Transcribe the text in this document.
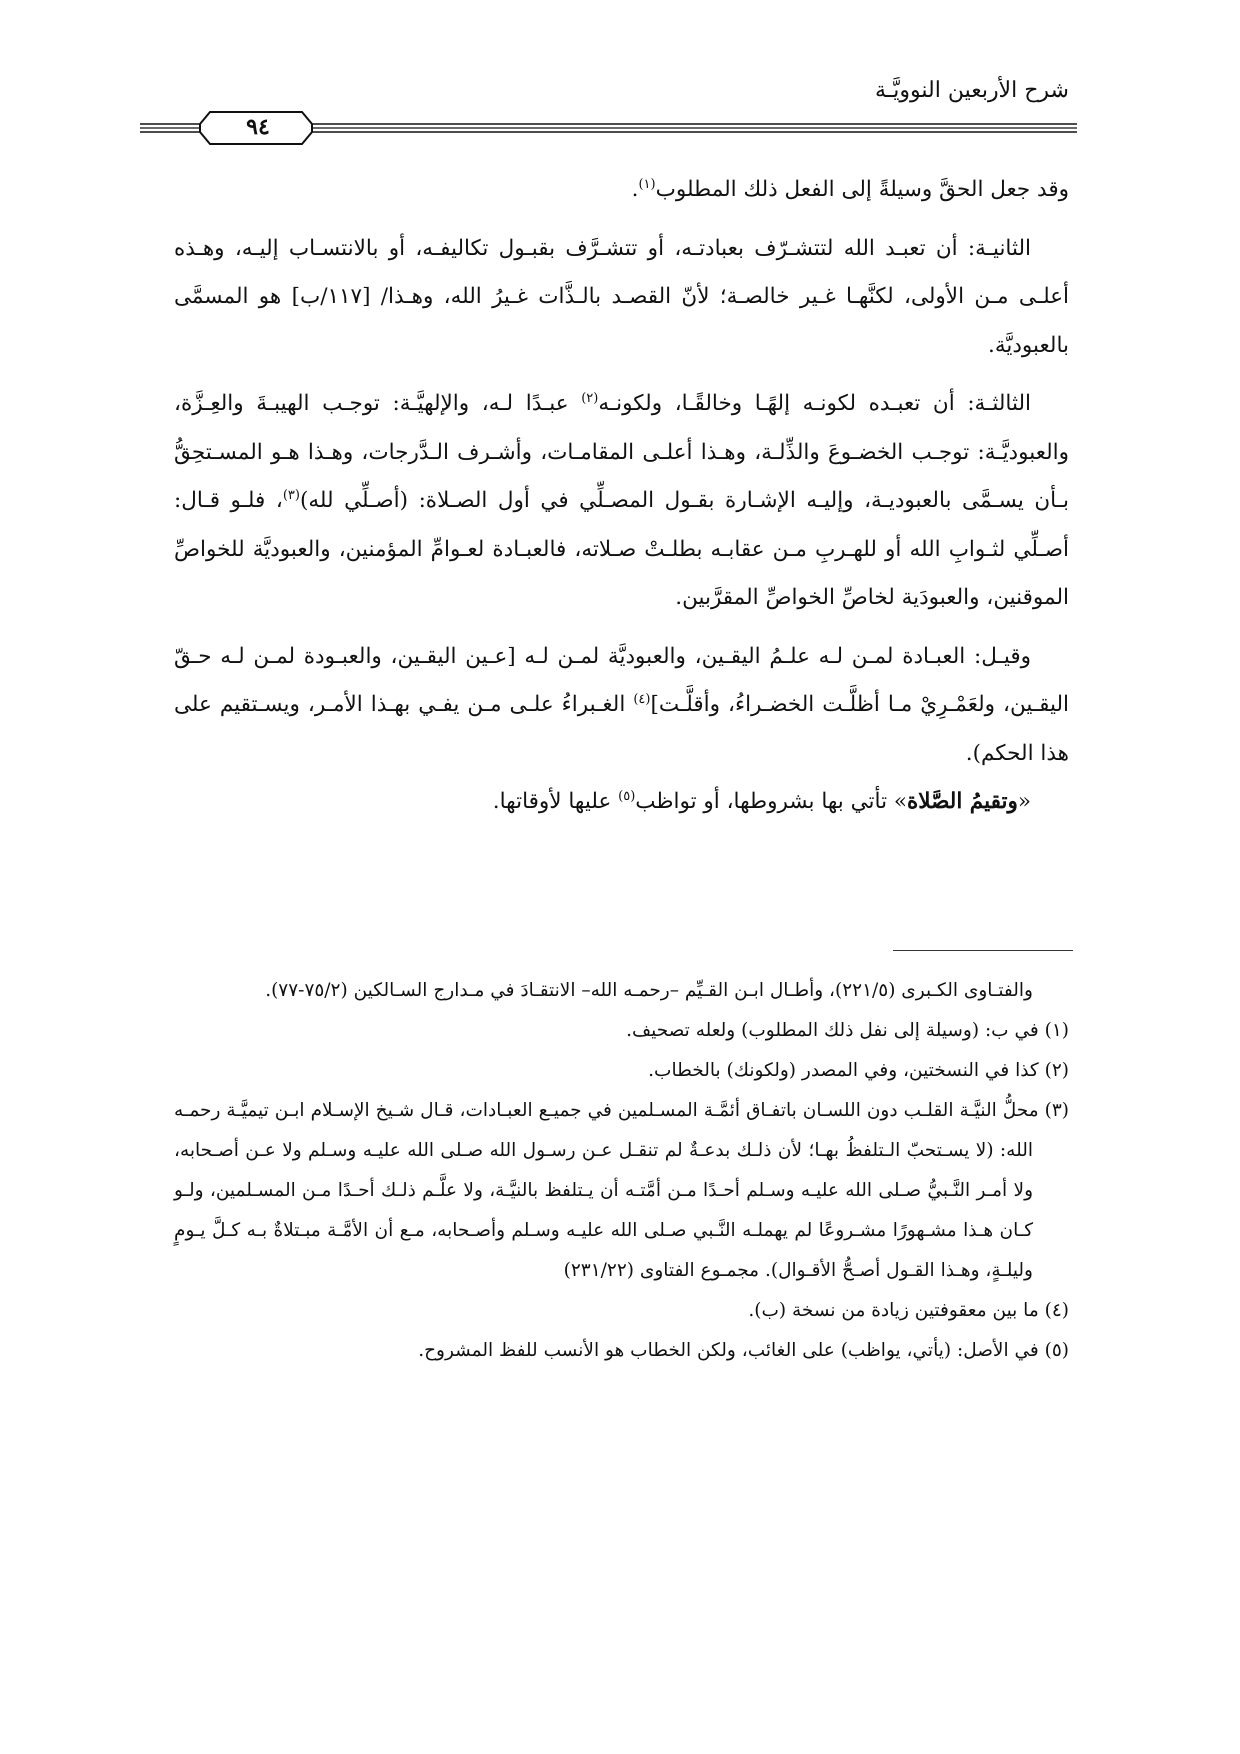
شرح الأربعين النوويَّـة
٩٤

وقد جعل الحقَّ وسيلةً إلى الفعل ذلك المطلوب$^{(١)}$.

الثانيـة: أن تعبـد الله لتتشـرّف بعبادتـه، أو تتشـرَّف بقبـول تكاليفـه، أو بالانتسـاب إليـه، وهـذه أعلـى مـن الأولى، لكنَّهـا غـير خالصـة؛ لأنّ القصـد بالـذَّات غـيرُ الله، وهـذا/ [١١٧/ب] هو المسمَّى بالعبوديَّة.

الثالثـة: أن تعبـده لكونـه إلهًـا وخالقًـا، ولكونـه$^{(٢)}$ عبـدًا لـه، والإلهيَّـة: توجـب الهيبـةَ والعِـزَّة، والعبوديَّـة: توجـب الخضـوعَ والذِّلـة، وهـذا أعلـى المقامـات، وأشـرف الـدَّرجات، وهـذا هـو المسـتحِقُّ بـأن يسـمَّى بالعبوديـة، وإليـه الإشـارة بقـول المصـلِّي في أول الصـلاة: (أصـلِّي لله)$^{(٣)}$، فلـو قـال: أصـلِّي لثـوابِ الله أو للهـربِ مـن عقابـه بطلـتْ صـلاته، فالعبـادة لعـوامِّ المؤمنين، والعبوديَّة للخواصِّ الموقنين، والعبودَية لخاصِّ الخواصِّ المقرَّبين.

وقيـل: العبـادة لمـن لـه علـمُ اليقـين، والعبوديَّة لمـن لـه [عـين اليقـين، والعبـودة لمـن لـه حـقّ اليقـين، ولعَمْـرِيْ مـا أظلَّـت الخضـراءُ، وأقلَّـت]$^{(٤)}$ الغـبراءُ علـى مـن يفـي بهـذا الأمـر، ويسـتقيم على هذا الحكم).

«وتقيمُ الصَّلاة» تأتي بها بشروطها، أو تواظب$^{(٥)}$ عليها لأوقاتها.

والفتـاوى الكـبرى (٢٢١/٥)، وأطـال ابـن القـيِّم –رحمـه الله– الانتقـادَ في مـدارج السـالكين (٧٥/٢-٧٧).

(١) في ب: (وسيلة إلى نفل ذلك المطلوب) ولعله تصحيف.

(٢) كذا في النسختين، وفي المصدر (ولكونك) بالخطاب.

(٣) محلُّ النيَّـة القلـب دون اللسـان باتفـاق أئمَّـة المسـلمين في جميـع العبـادات، قـال شـيخ الإسـلام ابـن تيميَّـة رحمـه الله: (لا يسـتحبّ الـتلفظُ بهـا؛ لأن ذلـك بدعـةٌ لم تنقـل عـن رسـول الله صـلى الله عليـه وسـلم ولا عـن أصـحابه، ولا أمـر النَّـبيُّ صـلى الله عليـه وسـلم أحـدًا مـن أمَّتـه أن يـتلفظ بالنيَّـة، ولا علَّـم ذلـك أحـدًا مـن المسـلمين، ولـو كـان هـذا مشـهورًا مشـروعًا لم يهملـه النَّـبي صـلى الله عليـه وسـلم وأصـحابه، مـع أن الأمَّـة مبـتلاةٌ بـه كـلَّ يـومٍ وليلـةٍ، وهـذا القـول أصـحُّ الأقـوال). مجمـوع الفتاوى (٢٣١/٢٢)

(٤) ما بين معقوفتين زيادة من نسخة (ب).

(٥) في الأصل: (يأتي، يواظب) على الغائب، ولكن الخطاب هو الأنسب للفظ المشروح.
